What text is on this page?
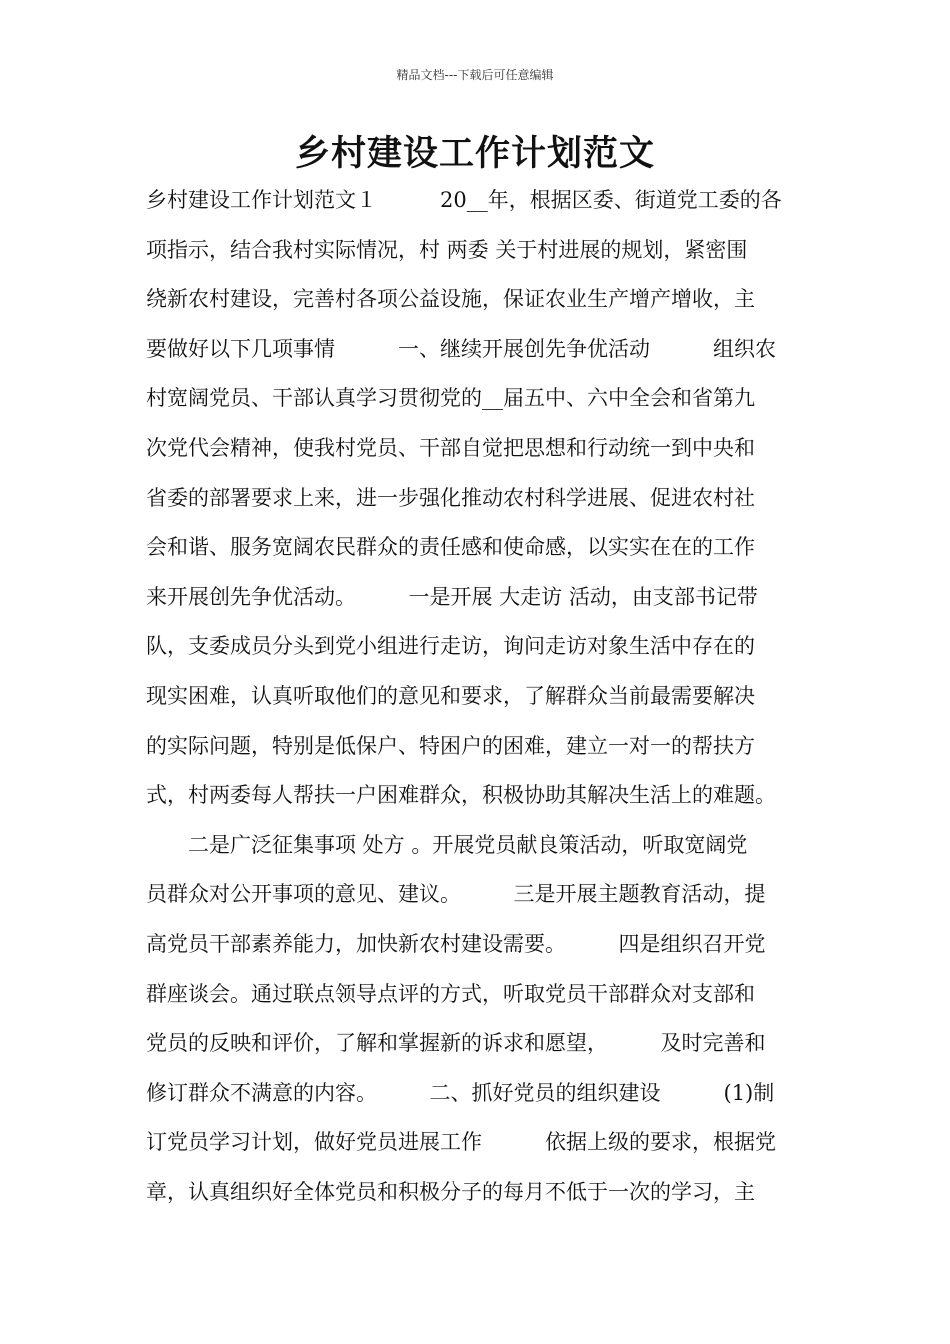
精品文档---下载后可任意编辑
乡村建设工作计划范文
乡村建设工作计划范文１　　　20__年，根据区委、街道党工委的各
项指示，结合我村实际情况，村 两委 关于村进展的规划，紧密围
绕新农村建设，完善村各项公益设施，保证农业生产增产增收，主
要做好以下几项事情　　　一、继续开展创先争优活动　　　组织农
村宽阔党员、干部认真学习贯彻党的__届五中、六中全会和省第九
次党代会精神，使我村党员、干部自觉把思想和行动统一到中央和
省委的部署要求上来，进一步强化推动农村科学进展、促进农村社
会和谐、服务宽阔农民群众的责任感和使命感，以实实在在的工作
来开展创先争优活动。　　　一是开展 大走访 活动，由支部书记带
队，支委成员分头到党小组进行走访，询问走访对象生活中存在的
现实困难，认真听取他们的意见和要求，了解群众当前最需要解决
的实际问题，特别是低保户、特困户的困难，建立一对一的帮扶方
式，村两委每人帮扶一户困难群众，积极协助其解决生活上的难题。
　　二是广泛征集事项 处方 。开展党员献良策活动，听取宽阔党
员群众对公开事项的意见、建议。　　　三是开展主题教育活动，提
高党员干部素养能力，加快新农村建设需要。　　　四是组织召开党
群座谈会。通过联点领导点评的方式，听取党员干部群众对支部和
党员的反映和评价，了解和掌握新的诉求和愿望，　　　及时完善和
修订群众不满意的内容。　　　二、抓好党员的组织建设　　　(1)制
订党员学习计划，做好党员进展工作　　　依据上级的要求，根据党
章，认真组织好全体党员和积极分子的每月不低于一次的学习，主
